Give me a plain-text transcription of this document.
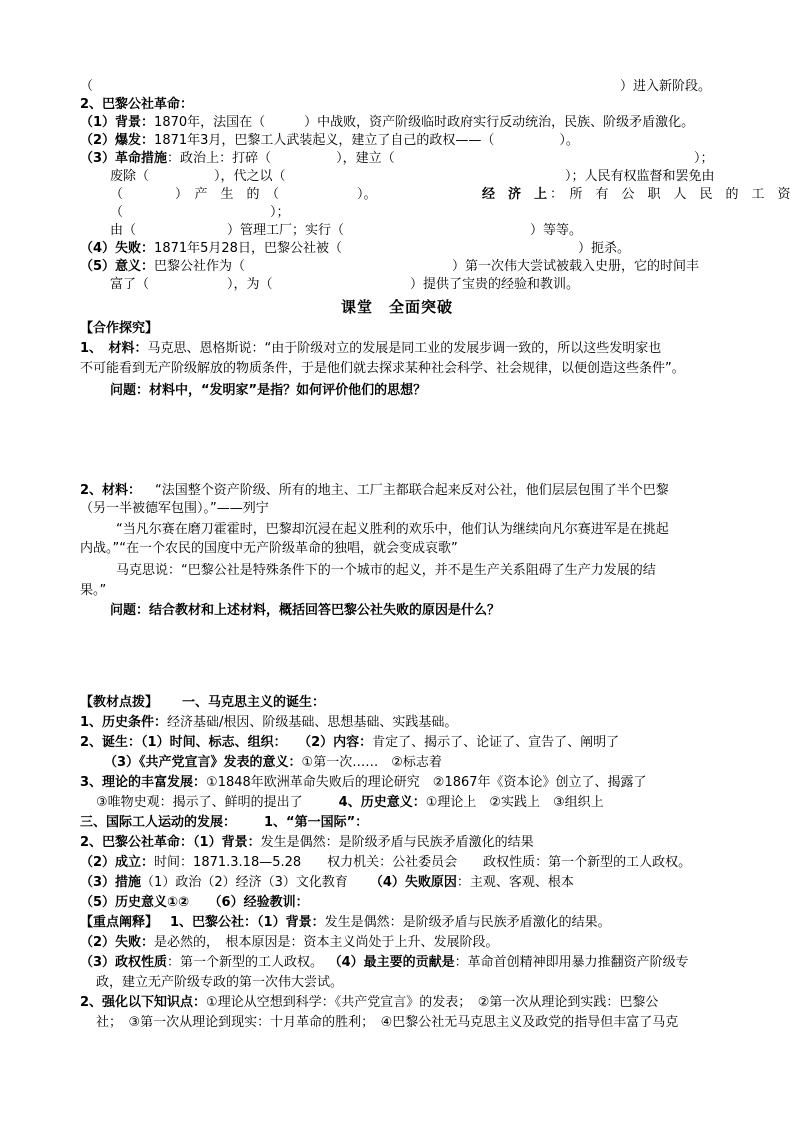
（	）进入新阶段。
2、巴黎公社革命：
（1）背景：1870年，法国在（　　　）中战败，资产阶级临时政府实行反动统治，民族、阶级矛盾激化。
（2）爆发：1871年3月，巴黎工人武装起义，建立了自己的政权——（　　　　　）。
（3）革命措施：政治上：打碎（　　　　　），建立（	）；
废除（　　　　　），代之以（	）；人民有权监督和罢免由
（　　　　）　产　生　的　（　　　　　　）。	经　济　上 ：　所　有　公　职　人　民　的　工　资
（	）；
由（　　　　　　　）管理工厂；实行（	）等等。
（4）失败：1871年5月28日，巴黎公社被（	）扼杀。
（5）意义：巴黎公社作为（	）第一次伟大尝试被载入史册，它的时间丰
富了（　　　　　　），为（	）提供了宝贵的经验和教训。
课堂　全面突破
【合作探究】
1、　材料：马克思、恩格斯说：“由于阶级对立的发展是同工业的发展步调一致的，所以这些发明家也
不可能看到无产阶级解放的物质条件，于是他们就去探求某种社会科学、社会规律，以便创造这些条件”。
问题：材料中，“发明家”是指？如何评价他们的思想？
2、材料： “法国整个资产阶级、所有的地主、工厂主都联合起来反对公社，他们层层包围了半个巴黎
（另一半被德军包围）。”——列宁
“当凡尔赛在磨刀霍霍时，巴黎却沉浸在起义胜利的欢乐中，他们认为继续向凡尔赛进军是在挑起
内战。”“在一个农民的国度中无产阶级革命的独唱，就会变成哀歌”
马克思说：“巴黎公社是特殊条件下的一个城市的起义，并不是生产关系阻碍了生产力发展的结
果。”
问题：结合教材和上述材料，概括回答巴黎公社失败的原因是什么？
【教材点拨】 一、马克思主义的诞生：
1、历史条件：经济基础/根因、阶级基础、思想基础、实践基础。
2、诞生：（1）时间、标志、组织： （2）内容：肯定了、揭示了、论证了、宣告了、阐明了
（3）《共产党宣言》发表的意义：①第一次……　②标志着
3、理论的丰富发展：①1848年欧洲革命失败后的理论研究　②1867年《资本论》创立了、揭露了
③唯物史观：揭示了、鲜明的提出了	4、历史意义：①理论上　②实践上　③组织上
三、国际工人运动的发展： 1、“第一国际”：
2、巴黎公社革命：（1）背景：发生是偶然：是阶级矛盾与民族矛盾激化的结果
（2）成立：时间：1871.3.18—5.28　　权力机关：公社委员会　　政权性质：第一个新型的工人政权。
（3）措施（1）政治（2）经济（3）文化教育 （4）失败原因：主观、客观、根本
（5）历史意义①②　　（6）经验教训：
【重点阐释】 1、巴黎公社：（1）背景：发生是偶然：是阶级矛盾与民族矛盾激化的结果。
（2）失败：是必然的，　根本原因是：资本主义尚处于上升、发展阶段。
（3）政权性质：第一个新型的工人政权。 （4）最主要的贡献是：革命首创精神即用暴力推翻资产阶级专
政，建立无产阶级专政的第一次伟大尝试。
2、强化以下知识点：①理论从空想到科学：《共产党宣言》的发表；　②第一次从理论到实践：巴黎公
社；　③第一次从理论到现实：十月革命的胜利；　④巴黎公社无马克思主义及政党的指导但丰富了马克
